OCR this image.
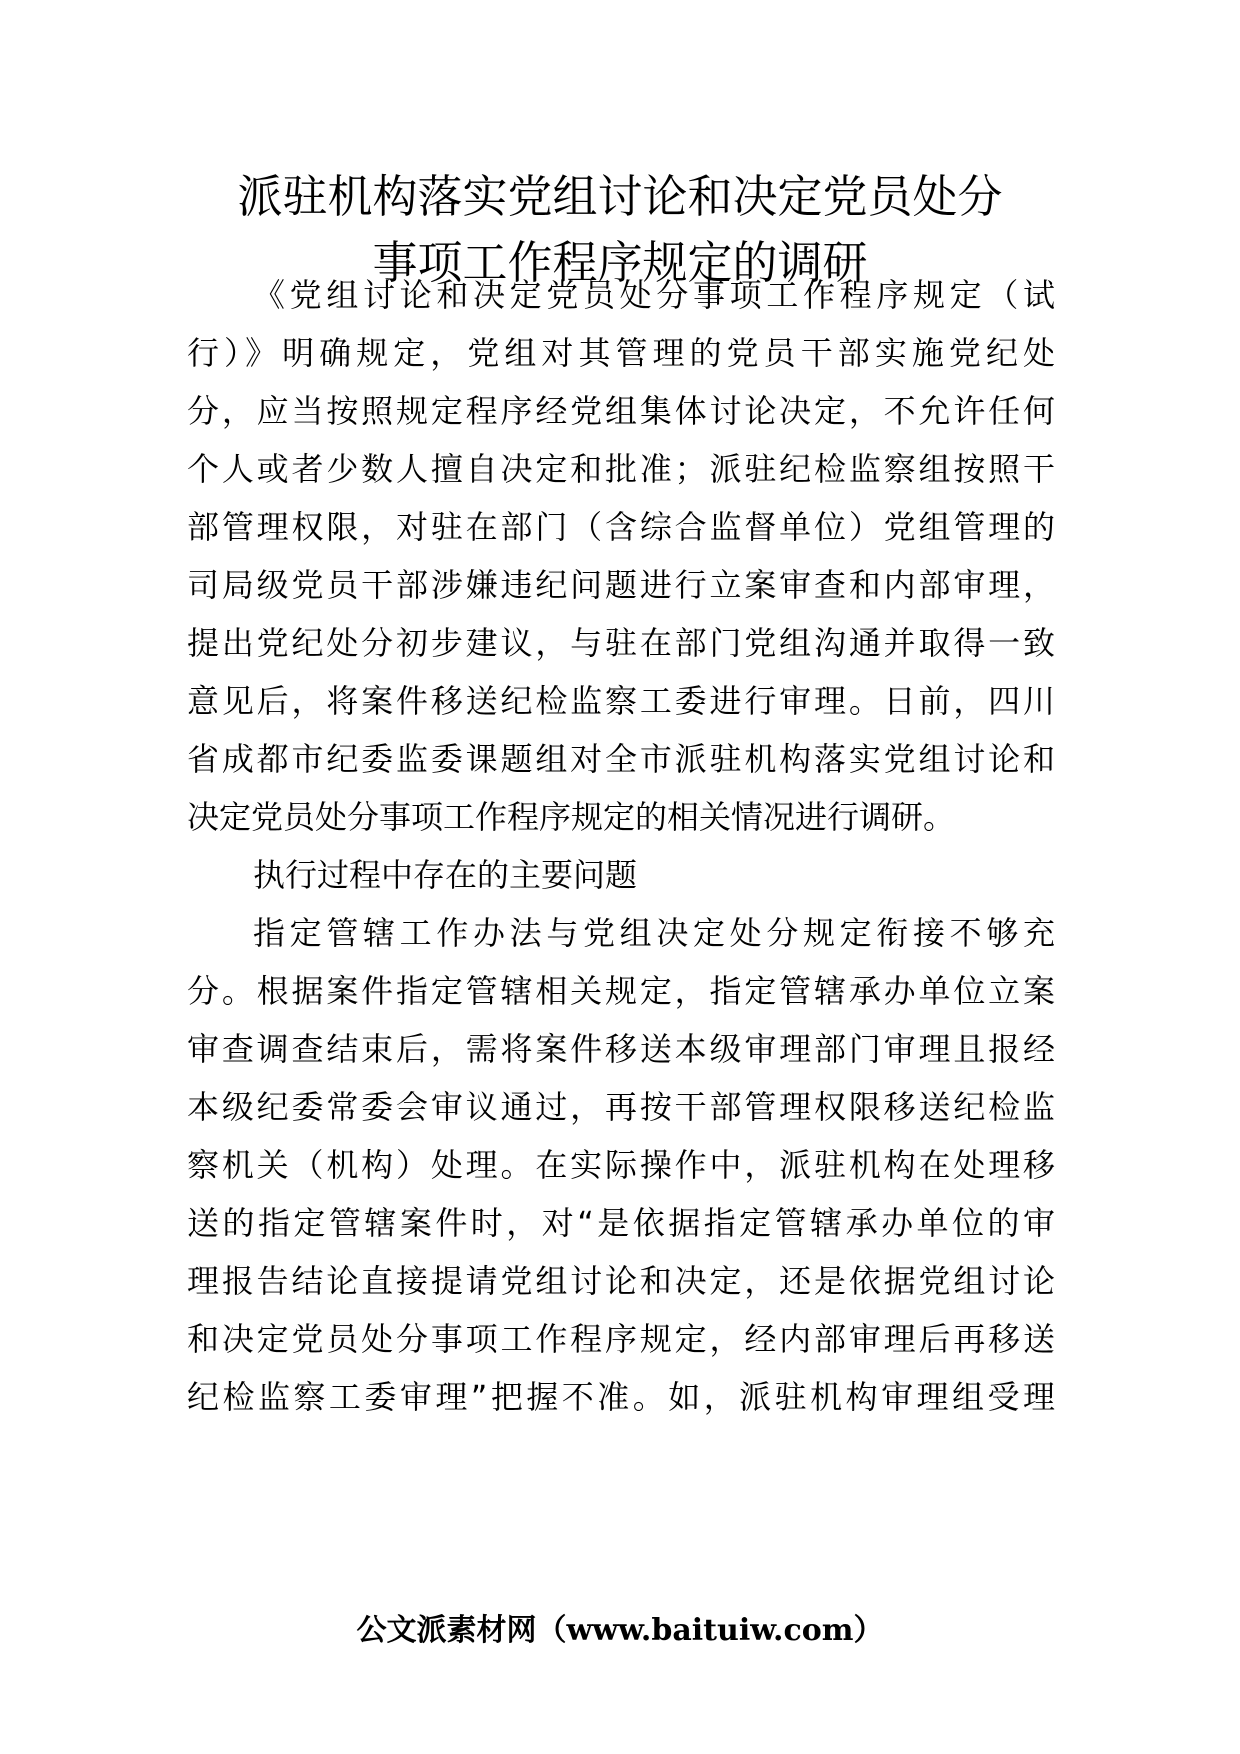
派驻机构落实党组讨论和决定党员处分
事项工作程序规定的调研
《党组讨论和决定党员处分事项工作程序规定（试
行）》明确规定，党组对其管理的党员干部实施党纪处
分，应当按照规定程序经党组集体讨论决定，不允许任何
个人或者少数人擅自决定和批准；派驻纪检监察组按照干
部管理权限，对驻在部门（含综合监督单位）党组管理的
司局级党员干部涉嫌违纪问题进行立案审查和内部审理，
提出党纪处分初步建议，与驻在部门党组沟通并取得一致
意见后，将案件移送纪检监察工委进行审理。日前，四川
省成都市纪委监委课题组对全市派驻机构落实党组讨论和
决定党员处分事项工作程序规定的相关情况进行调研。
执行过程中存在的主要问题
指定管辖工作办法与党组决定处分规定衔接不够充
分。根据案件指定管辖相关规定，指定管辖承办单位立案
审查调查结束后，需将案件移送本级审理部门审理且报经
本级纪委常委会审议通过，再按干部管理权限移送纪检监
察机关（机构）处理。在实际操作中，派驻机构在处理移
送的指定管辖案件时，对“是依据指定管辖承办单位的审
理报告结论直接提请党组讨论和决定，还是依据党组讨论
和决定党员处分事项工作程序规定，经内部审理后再移送
纪检监察工委审理”把握不准。如，派驻机构审理组受理
公文派素材网（www.baituiw.com）
